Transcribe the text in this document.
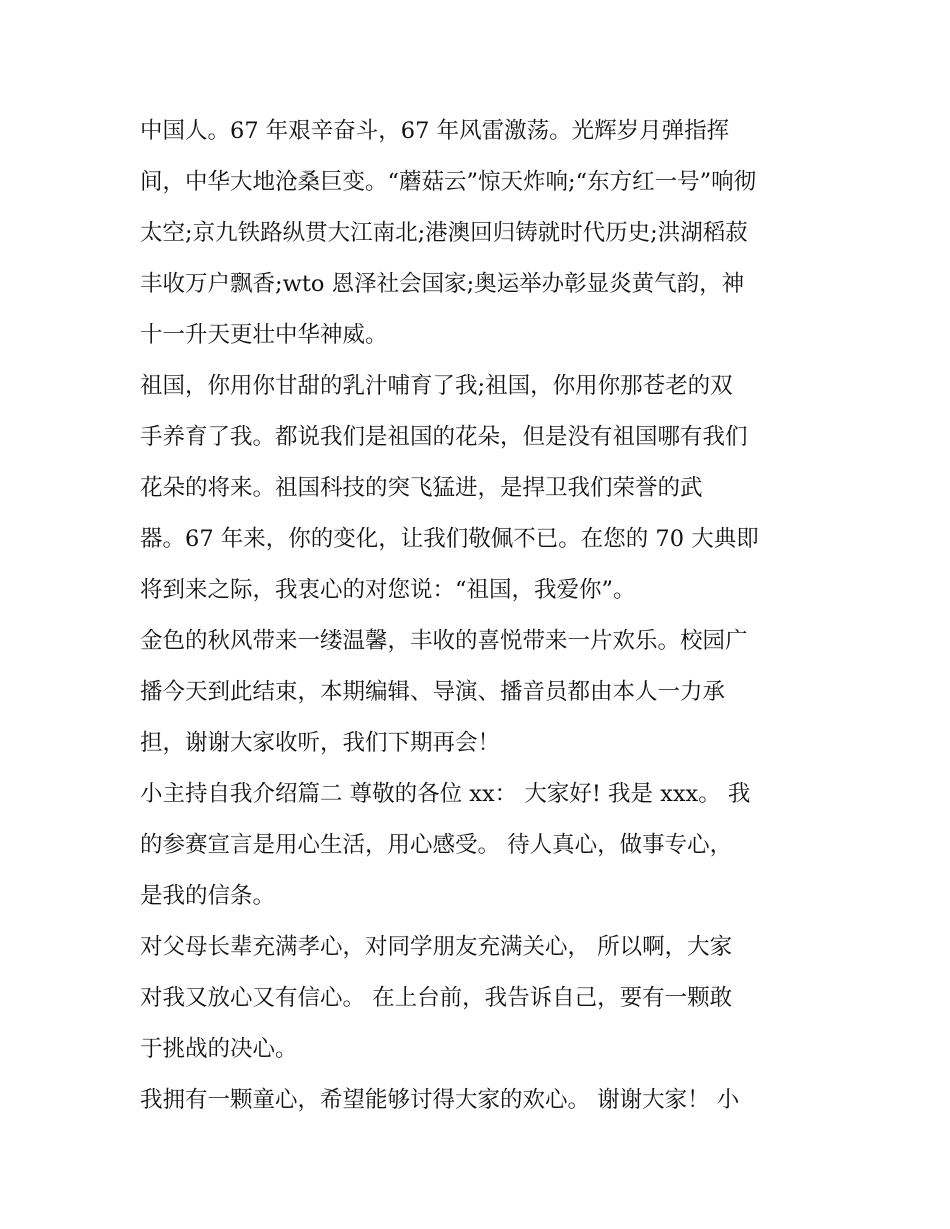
中国人。67 年艰辛奋斗，67 年风雷激荡。光辉岁月弹指挥
间，中华大地沧桑巨变。“蘑菇云”惊天炸响;“东方红一号”响彻
太空;京九铁路纵贯大江南北;港澳回归铸就时代历史;洪湖稻菽
丰收万户飘香;wto 恩泽社会国家;奥运举办彰显炎黄气韵，神
十一升天更壮中华神威。
祖国，你用你甘甜的乳汁哺育了我;祖国，你用你那苍老的双
手养育了我。都说我们是祖国的花朵，但是没有祖国哪有我们
花朵的将来。祖国科技的突飞猛进，是捍卫我们荣誉的武
器。67 年来，你的变化，让我们敬佩不已。在您的 70 大典即
将到来之际，我衷心的对您说：“祖国，我爱你”。
金色的秋风带来一缕温馨，丰收的喜悦带来一片欢乐。校园广
播今天到此结束，本期编辑、导演、播音员都由本人一力承
担，谢谢大家收听，我们下期再会！
小主持自我介绍篇二 尊敬的各位 xx： 大家好! 我是 xxx。 我
的参赛宣言是用心生活，用心感受。 待人真心，做事专心，
是我的信条。
对父母长辈充满孝心，对同学朋友充满关心， 所以啊，大家
对我又放心又有信心。 在上台前，我告诉自己，要有一颗敢
于挑战的决心。
我拥有一颗童心，希望能够讨得大家的欢心。 谢谢大家！ 小
